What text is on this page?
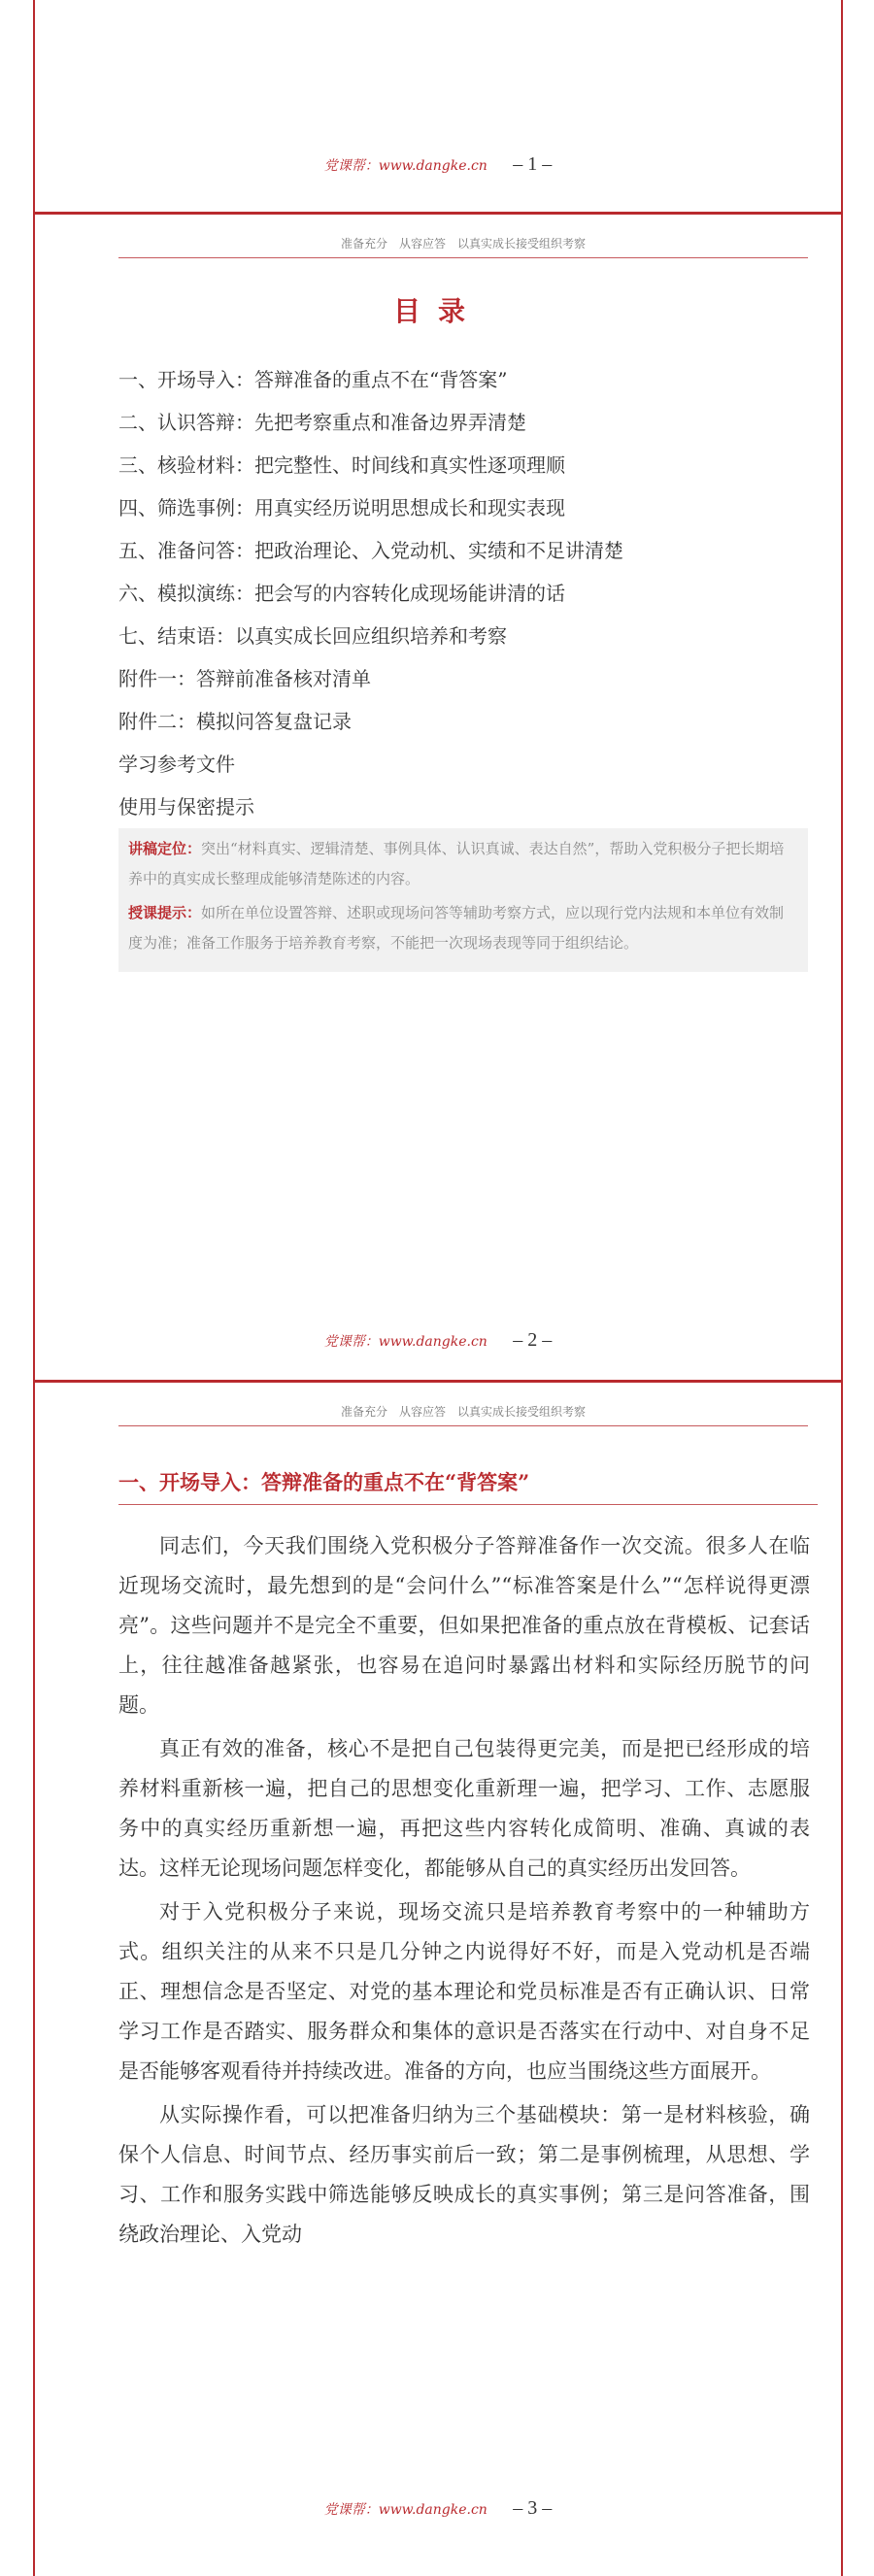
党课帮：www.dangke.cn – 1 –
准备充分　从容应答　以真实成长接受组织考察
目录
一、开场导入：答辩准备的重点不在“背答案”
二、认识答辩：先把考察重点和准备边界弄清楚
三、核验材料：把完整性、时间线和真实性逐项理顺
四、筛选事例：用真实经历说明思想成长和现实表现
五、准备问答：把政治理论、入党动机、实绩和不足讲清楚
六、模拟演练：把会写的内容转化成现场能讲清的话
七、结束语：以真实成长回应组织培养和考察
附件一：答辩前准备核对清单
附件二：模拟问答复盘记录
学习参考文件
使用与保密提示

讲稿定位：突出“材料真实、逻辑清楚、事例具体、认识真诚、表达自然”，帮助入党积极分子把长期培养中的真实成长整理成能够清楚陈述的内容。

授课提示：如所在单位设置答辩、述职或现场问答等辅助考察方式，应以现行党内法规和本单位有效制度为准；准备工作服务于培养教育考察，不能把一次现场表现等同于组织结论。

党课帮：www.dangke.cn – 2 –
准备充分　从容应答　以真实成长接受组织考察
一、开场导入：答辩准备的重点不在“背答案”

同志们，今天我们围绕入党积极分子答辩准备作一次交流。很多人在临近现场交流时，最先想到的是“会问什么”“标准答案是什么”“怎样说得更漂亮”。这些问题并不是完全不重要，但如果把准备的重点放在背模板、记套话上，往往越准备越紧张，也容易在追问时暴露出材料和实际经历脱节的问题。

真正有效的准备，核心不是把自己包装得更完美，而是把已经形成的培养材料重新核一遍，把自己的思想变化重新理一遍，把学习、工作、志愿服务中的真实经历重新想一遍，再把这些内容转化成简明、准确、真诚的表达。这样无论现场问题怎样变化，都能够从自己的真实经历出发回答。

对于入党积极分子来说，现场交流只是培养教育考察中的一种辅助方式。组织关注的从来不只是几分钟之内说得好不好，而是入党动机是否端正、理想信念是否坚定、对党的基本理论和党员标准是否有正确认识、日常学习工作是否踏实、服务群众和集体的意识是否落实在行动中、对自身不足是否能够客观看待并持续改进。准备的方向，也应当围绕这些方面展开。

从实际操作看，可以把准备归纳为三个基础模块：第一是材料核验，确保个人信息、时间节点、经历事实前后一致；第二是事例梳理，从思想、学习、工作和服务实践中筛选能够反映成长的真实事例；第三是问答准备，围绕政治理论、入党动

党课帮：www.dangke.cn – 3 –
